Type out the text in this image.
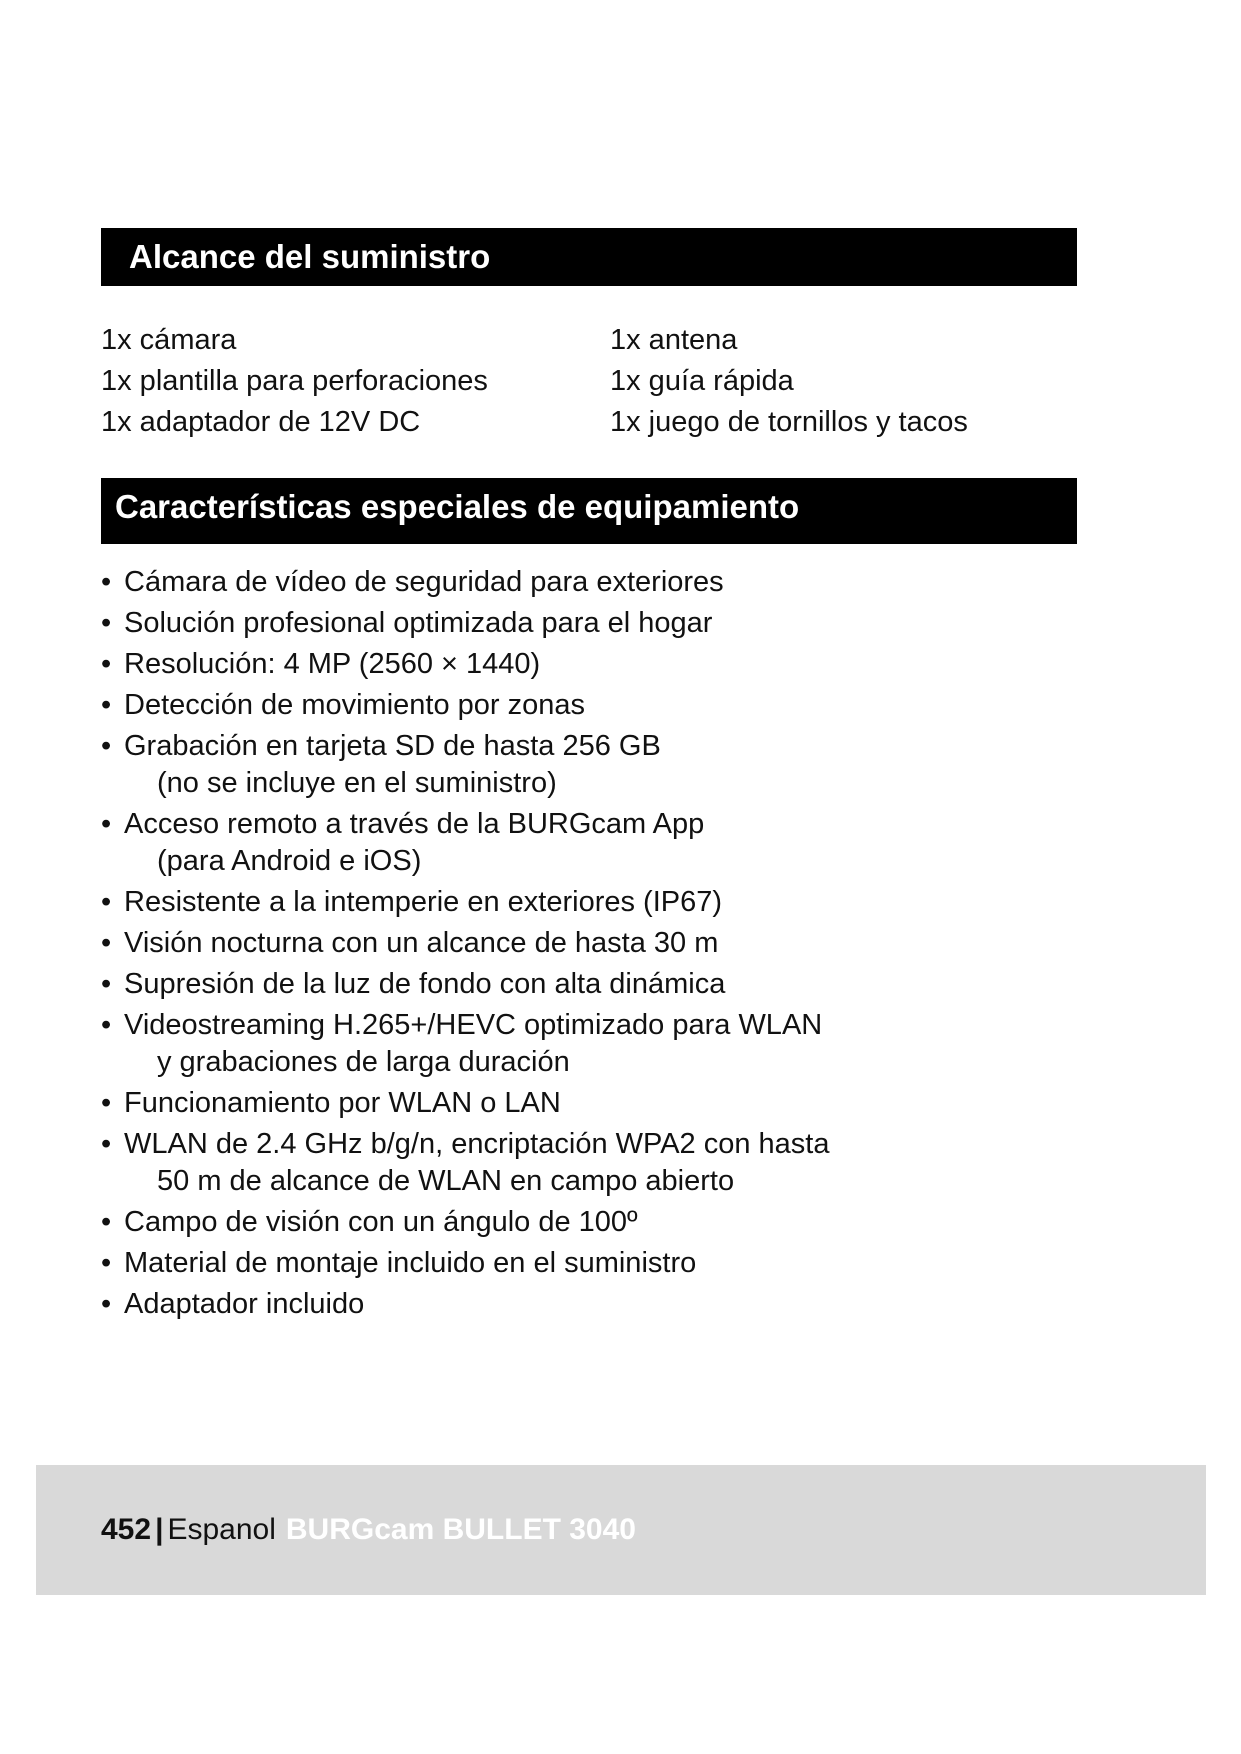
Alcance del suministro
1x cámara
1x plantilla para perforaciones
1x adaptador de 12V DC
1x antena
1x guía rápida
1x juego de tornillos y tacos
Características especiales de equipamiento
• Cámara de vídeo de seguridad para exteriores
• Solución profesional optimizada para el hogar
• Resolución: 4 MP (2560 × 1440)
• Detección de movimiento por zonas
• Grabación en tarjeta SD de hasta 256 GB
(no se incluye en el suministro)
• Acceso remoto a través de la BURGcam App
(para Android e iOS)
• Resistente a la intemperie en exteriores (IP67)
• Visión nocturna con un alcance de hasta 30 m
• Supresión de la luz de fondo con alta dinámica
• Videostreaming H.265+/HEVC optimizado para WLAN
y grabaciones de larga duración
• Funcionamiento por WLAN o LAN
• WLAN de 2.4 GHz b/g/n, encriptación WPA2 con hasta
50 m de alcance de WLAN en campo abierto
• Campo de visión con un ángulo de 100º
• Material de montaje incluido en el suministro
• Adaptador incluido
452 | Espanol BURGcam BULLET 3040
